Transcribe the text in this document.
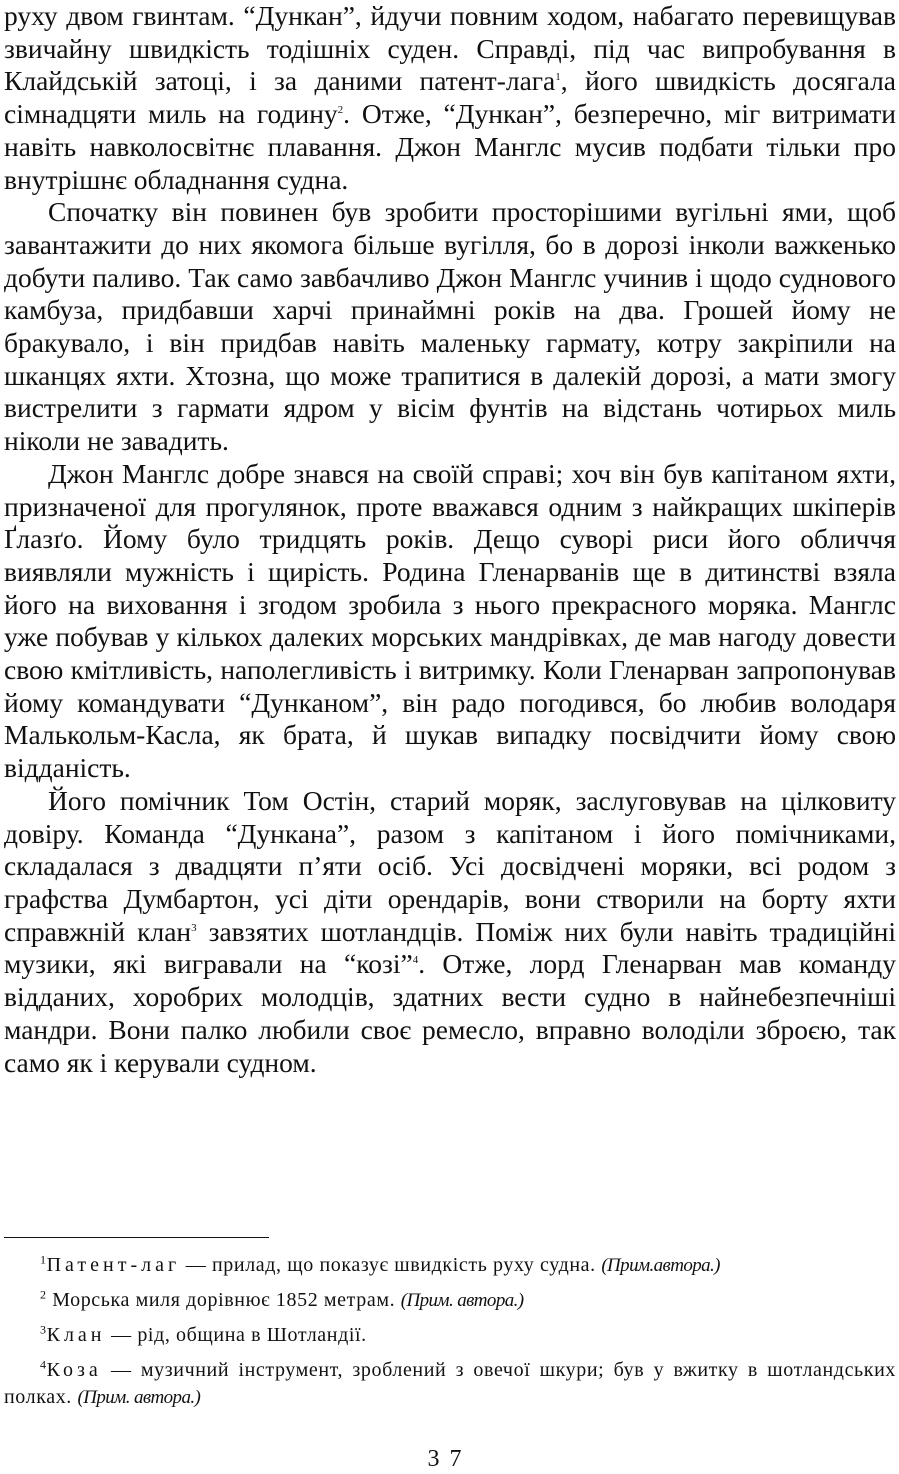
руху двом гвинтам. “Дункан”, йдучи повним ходом, набагато перевищував звичайну швидкість тодішніх суден. Справді, під час випробування в Клайдській затоці, і за даними патент-лага$^1$, його швидкість досягала сімнадцяти миль на годину$^2$. Отже, “Дункан”, безперечно, міг витримати навіть навколосвітнє плавання. Джон Манглс мусив подбати тільки про внутрішнє обладнання судна.

Спочатку він повинен був зробити просторішими вугільні ями, щоб завантажити до них якомога більше вугілля, бо в дорозі інколи важкенько добути паливо. Так само завбачливо Джон Манглс учинив і щодо суднового камбуза, придбавши харчі принаймні років на два. Грошей йому не бракувало, і він придбав навіть маленьку гармату, котру закріпили на шканцях яхти. Хтозна, що може трапитися в далекій дорозі, а мати змогу вистрелити з гармати ядром у вісім фунтів на відстань чотирьох миль ніколи не завадить.

Джон Манглс добре знався на своїй справі; хоч він був капітаном яхти, призначеної для прогулянок, проте вважався одним з найкращих шкіперів Ґлазґо. Йому було тридцять років. Дещо суворі риси його обличчя виявляли мужність і щирість. Родина Гленарванів ще в дитинстві взяла його на виховання і згодом зробила з нього прекрасного моряка. Манглс уже побував у кількох далеких морських мандрівках, де мав нагоду довести свою кмітливість, наполегливість і витримку. Коли Гленарван запропонував йому командувати “Дунканом”, він радо погодився, бо любив володаря Малькольм-Касла, як брата, й шукав випадку посвідчити йому свою відданість.

Його помічник Том Остін, старий моряк, заслуговував на цілковиту довіру. Команда “Дункана”, разом з капітаном і його помічниками, складалася з двадцяти п’яти осіб. Усі досвідчені моряки, всі родом з графства Думбартон, усі діти орендарів, вони створили на борту яхти справжній клан$^3$ завзятих шотландців. Поміж них були навіть традиційні музики, які вигравали на “козі”$^4$. Отже, лорд Гленарван мав команду відданих, хоробрих молодців, здатних вести судно в найнебезпечніші мандри. Вони палко любили своє ремесло, вправно володіли зброєю, так само як і керували судном.

$^1$Патент-лаг — прилад, що показує швидкість руху судна. (Прим.автора.)

$^2$ Морська миля дорівнює 1852 метрам. (Прим. автора.)

$^3$Клан — рід, община в Шотландії.

$^4$Коза — музичний інструмент, зроблений з овечої шкури; був у вжитку в шотландських полках. (Прим. автора.)

37
